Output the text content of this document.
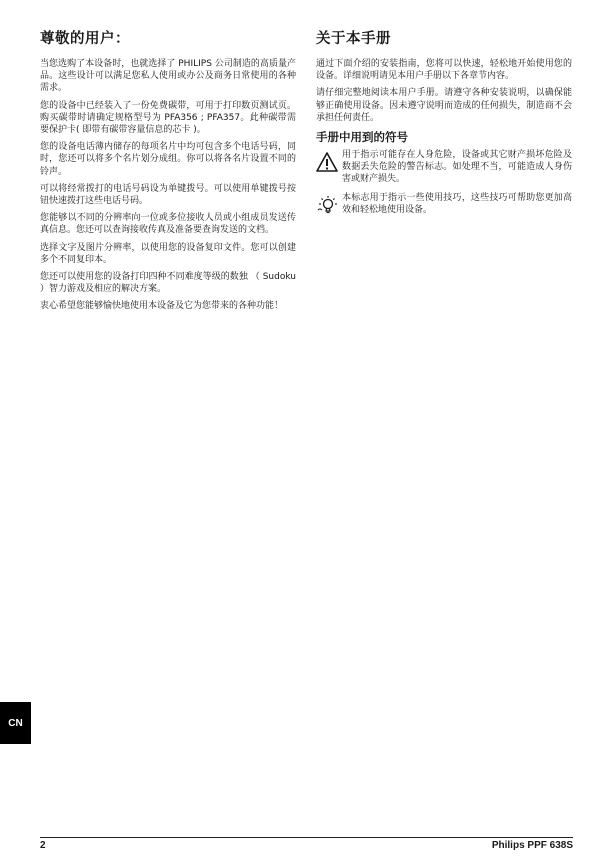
尊敬的用户：

当您选购了本设备时，也就选择了 PHILIPS 公司制造的高质量产品。这些设计可以满足您私人使用或办公及商务日常使用的各种需求。

您的设备中已经装入了一份免费碳带，可用于打印数页测试页。购买碳带时请确定规格型号为 PFA356 ; PFA357。此种碳带需要保护卡( 即带有碳带容量信息的芯卡 )。

您的设备电话薄内储存的每项名片中均可包含多个电话号码，同时，您还可以将多个名片划分成组。你可以将各名片设置不同的铃声。

可以将经常拨打的电话号码设为单键拨号。可以使用单键拨号按钮快速拨打这些电话号码。

您能够以不同的分辨率向一位或多位接收人员或小组成员发送传真信息。您还可以查询接收传真及准备要查询发送的文档。

选择文字及图片分辨率，以使用您的设备复印文件。您可以创建多个不同复印本。

您还可以使用您的设备打印四种不同难度等级的数独 （ Sudoku ）智力游戏及相应的解决方案。

衷心希望您能够愉快地使用本设备及它为您带来的各种功能！

关于本手册

通过下面介绍的安装指南，您将可以快速，轻松地开始使用您的设备。详细说明请见本用户手册以下各章节内容。

请仔细完整地阅读本用户手册。请遵守各种安装说明，以确保能够正确使用设备。因未遵守说明而造成的任何损失，制造商不会承担任何责任。

手册中用到的符号

用于指示可能存在人身危险，设备或其它财产损坏危险及数据丢失危险的警告标志。如处理不当，可能造成人身伤害或财产损失。

本标志用于指示一些使用技巧，这些技巧可帮助您更加高效和轻松地使用设备。

CN
2	Philips PPF 638S
